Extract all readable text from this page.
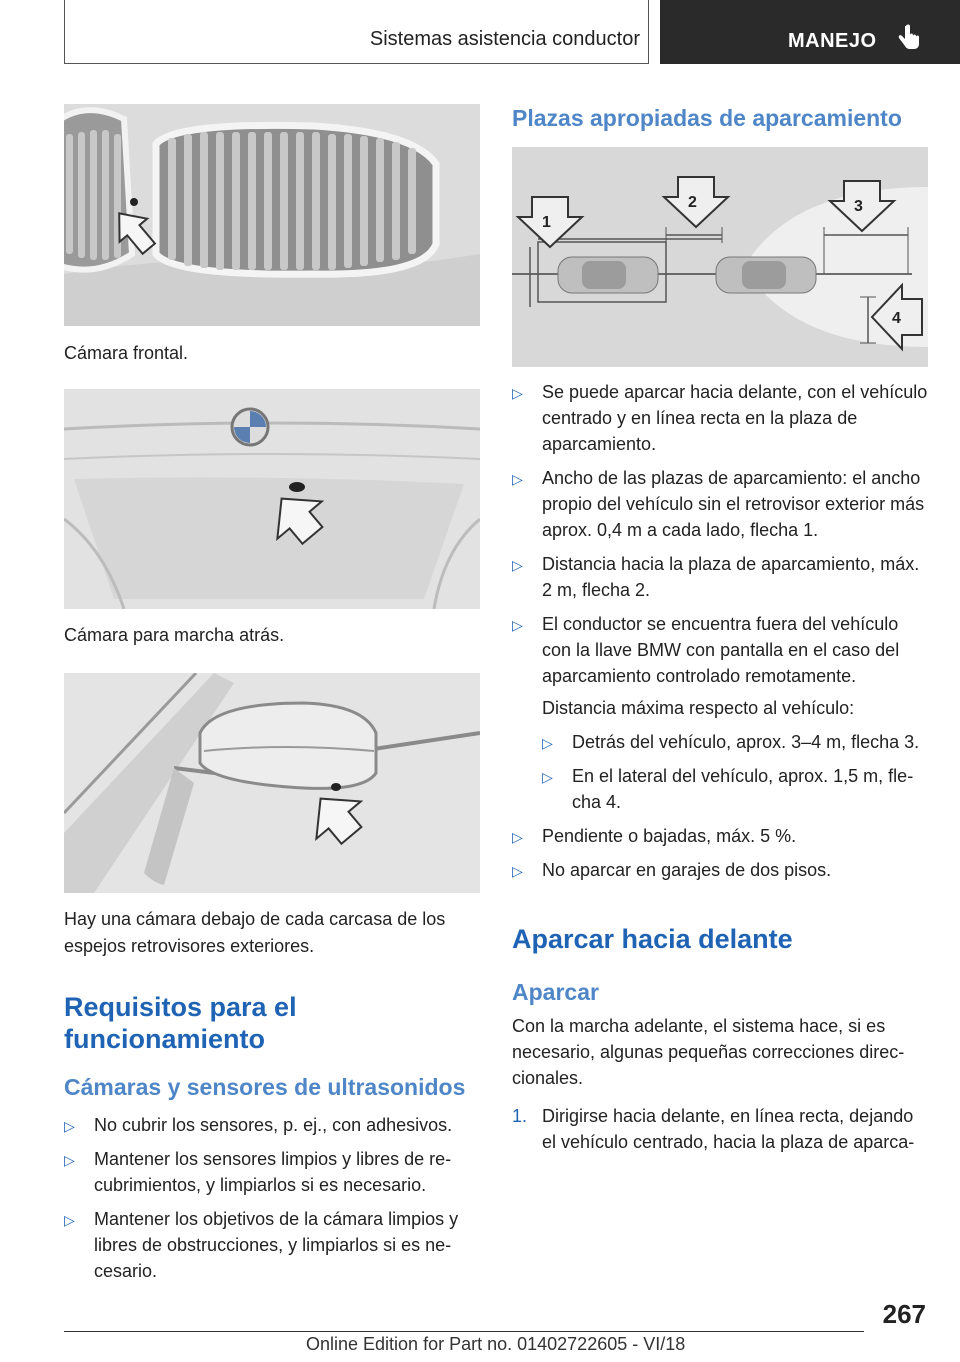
Sistemas asistencia conductor	MANEJO
Cámara frontal.
Cámara para marcha atrás.
Hay una cámara debajo de cada carcasa de los espejos retrovisores exteriores.
Requisitos para el funcionamiento
Cámaras y sensores de ultrasonidos
▷ No cubrir los sensores, p. ej., con adhesivos.
▷ Mantener los sensores limpios y libres de recubrimientos, y limpiarlos si es necesario.
▷ Mantener los objetivos de la cámara limpios y libres de obstrucciones, y limpiarlos si es necesario.
Plazas apropiadas de aparcamiento
1
2	3
4
▷ Se puede aparcar hacia delante, con el vehículo centrado y en línea recta en la plaza de aparcamiento.
▷ Ancho de las plazas de aparcamiento: el ancho propio del vehículo sin el retrovisor exterior más aprox. 0,4 m a cada lado, flecha 1.
▷ Distancia hacia la plaza de aparcamiento, máx. 2 m, flecha 2.
▷ El conductor se encuentra fuera del vehículo con la llave BMW con pantalla en el caso del aparcamiento controlado remotamente.
Distancia máxima respecto al vehículo:
▷ Detrás del vehículo, aprox. 3–4 m, flecha 3.
▷ En el lateral del vehículo, aprox. 1,5 m, flecha 4.
▷ Pendiente o bajadas, máx. 5 %.
▷ No aparcar en garajes de dos pisos.
Aparcar hacia delante
Aparcar
Con la marcha adelante, el sistema hace, si es necesario, algunas pequeñas correcciones direccionales.
1. Dirigirse hacia delante, en línea recta, dejando el vehículo centrado, hacia la plaza de aparca-
267
Online Edition for Part no. 01402722605 - VI/18
